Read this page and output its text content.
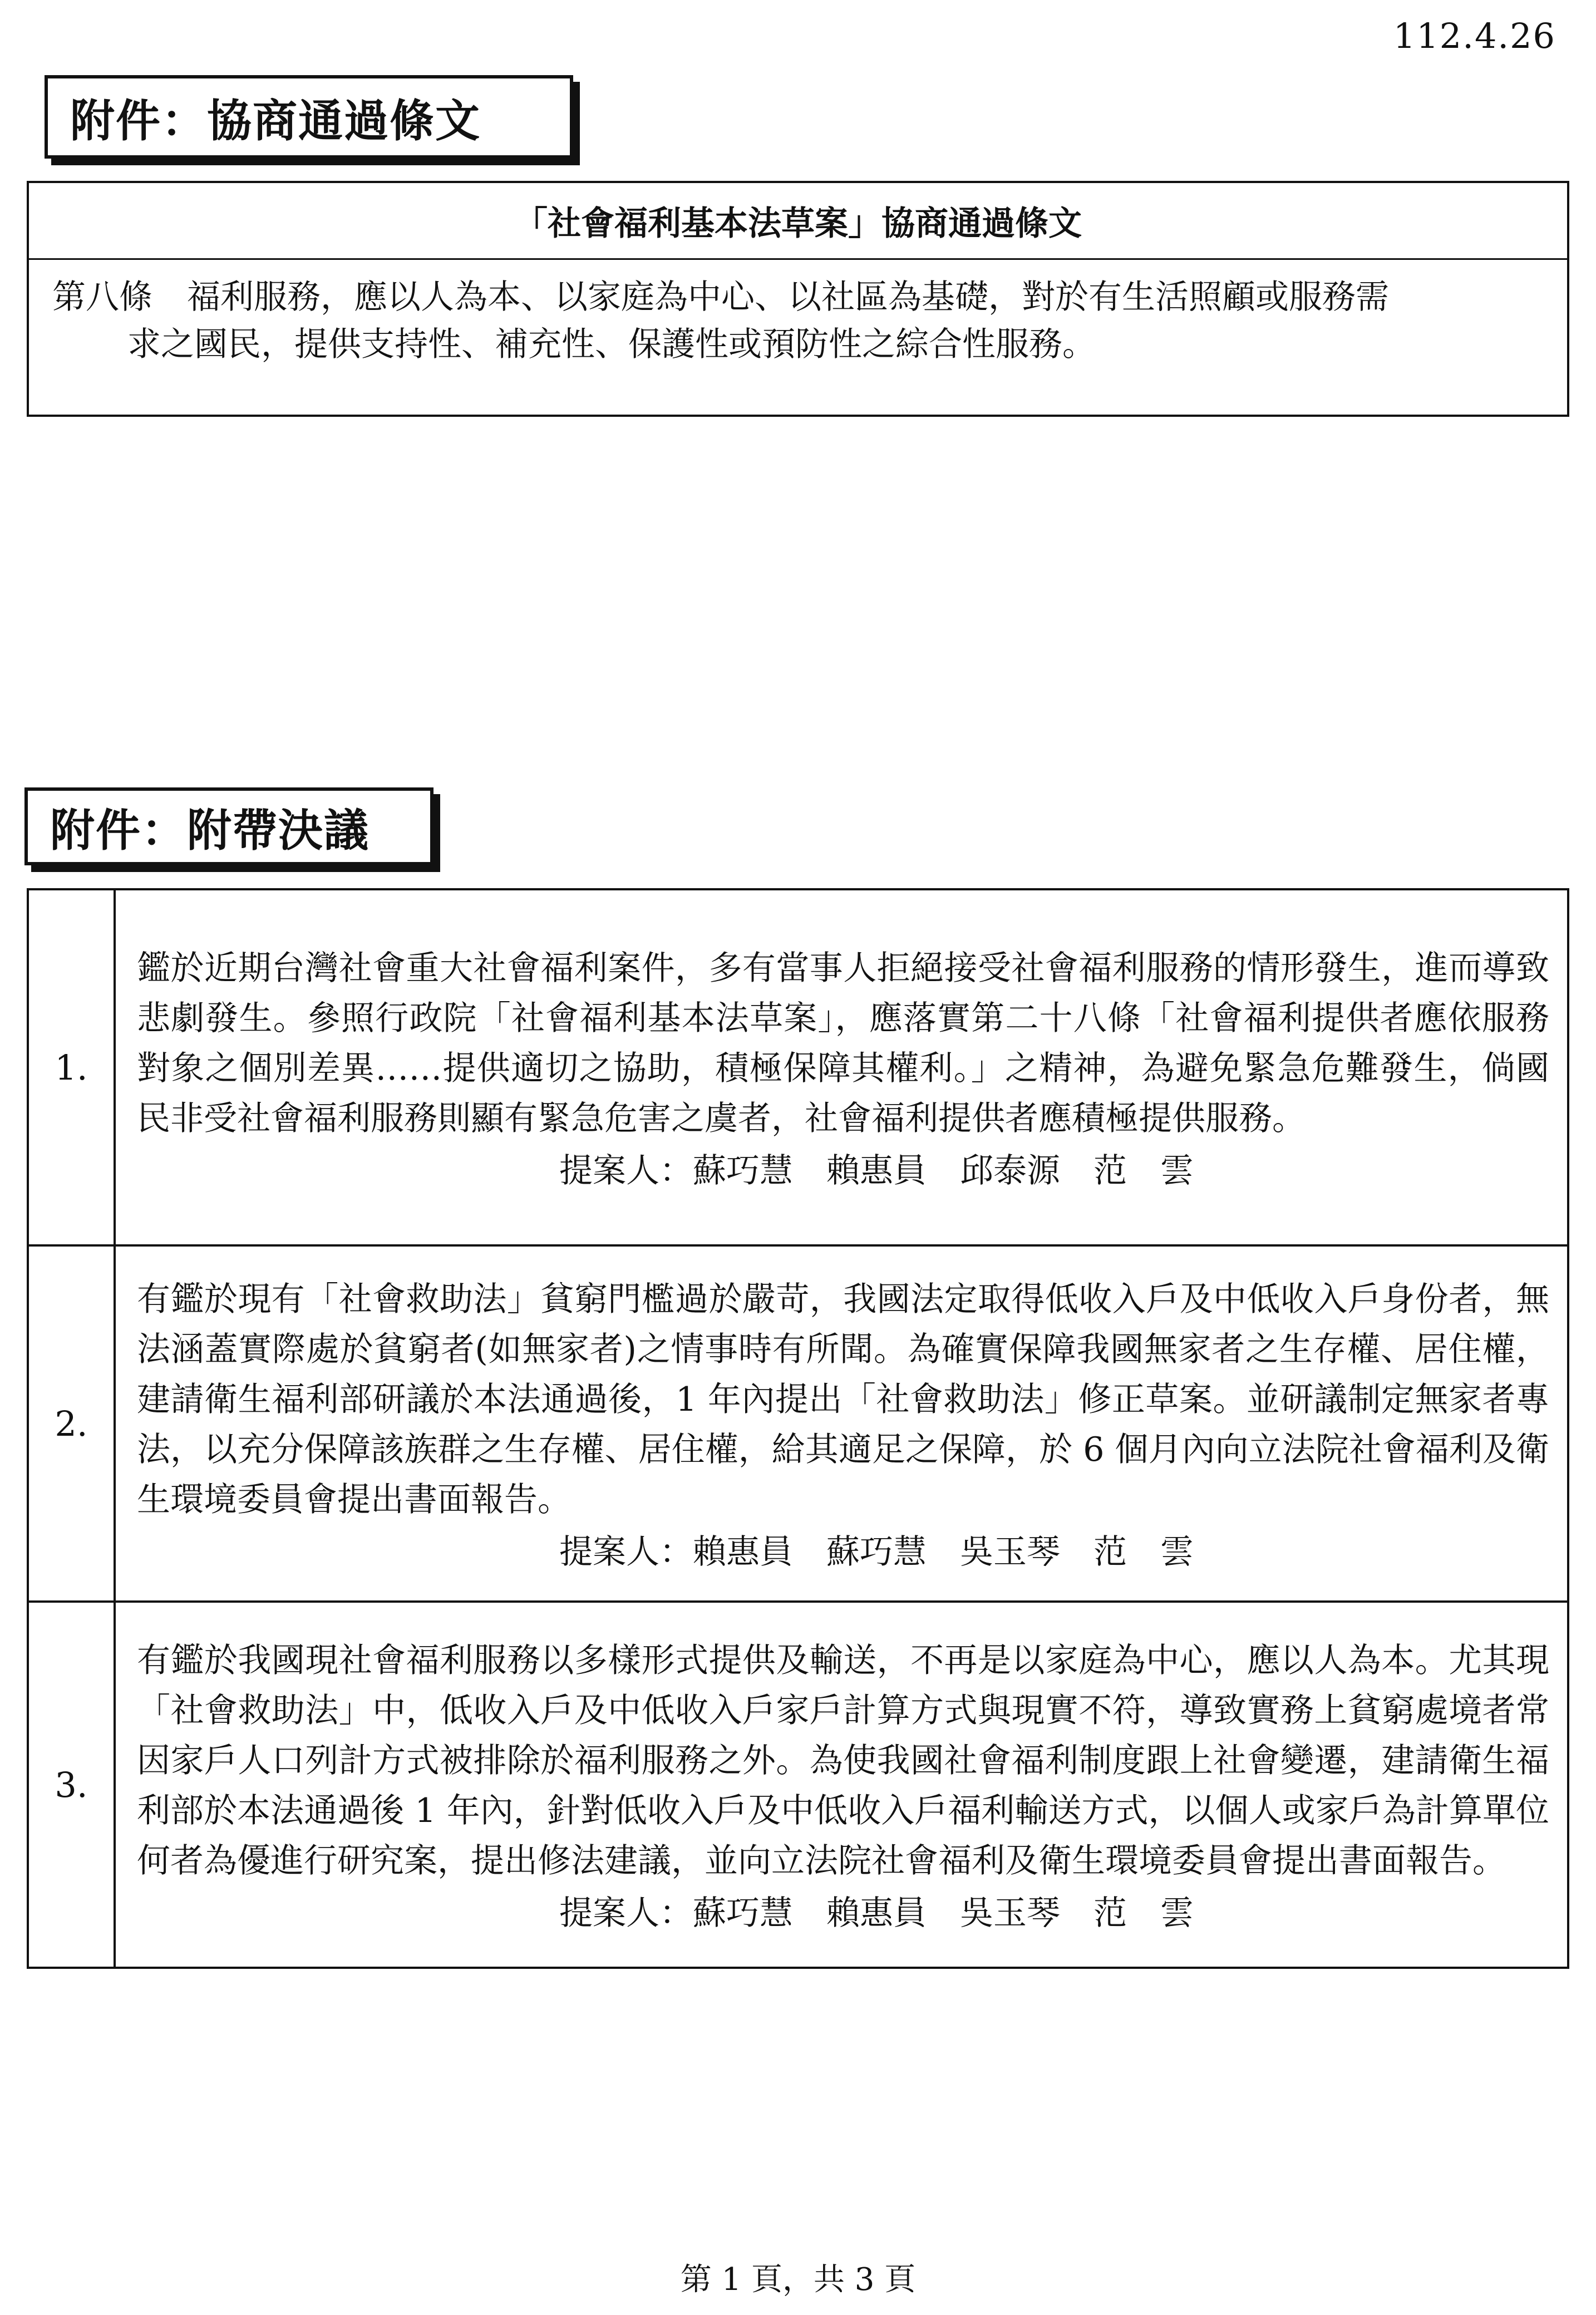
112.4.26
附件：協商通過條文
「社會福利基本法草案」協商通過條文
第八條 福利服務，應以人為本、以家庭為中心、以社區為基礎，對於有生活照顧或服務需
求之國民，提供支持性、補充性、保護性或預防性之綜合性服務。
附件：附帶決議
1.	鑑於近期台灣社會重大社會福利案件，多有當事人拒絕接受社會福利服務的情形發生，進而導致悲劇發生。參照行政院「社會福利基本法草案」，應落實第二十八條「社會福利提供者應依服務對象之個別差異……提供適切之協助，積極保障其權利。」之精神，為避免緊急危難發生，倘國民非受社會福利服務則顯有緊急危害之虞者，社會福利提供者應積極提供服務。
提案人：蘇巧慧　賴惠員　邱泰源　范　雲

2.	有鑑於現有「社會救助法」貧窮門檻過於嚴苛，我國法定取得低收入戶及中低收入戶身份者，無法涵蓋實際處於貧窮者(如無家者)之情事時有所聞。為確實保障我國無家者之生存權、居住權，建請衛生福利部研議於本法通過後，1 年內提出「社會救助法」修正草案。並研議制定無家者專法，以充分保障該族群之生存權、居住權，給其適足之保障，於 6 個月內向立法院社會福利及衛生環境委員會提出書面報告。
提案人：賴惠員　蘇巧慧　吳玉琴　范　雲

3.	有鑑於我國現社會福利服務以多樣形式提供及輸送，不再是以家庭為中心，應以人為本。尤其現「社會救助法」中，低收入戶及中低收入戶家戶計算方式與現實不符，導致實務上貧窮處境者常因家戶人口列計方式被排除於福利服務之外。為使我國社會福利制度跟上社會變遷，建請衛生福利部於本法通過後 1 年內，針對低收入戶及中低收入戶福利輸送方式，以個人或家戶為計算單位何者為優進行研究案，提出修法建議，並向立法院社會福利及衛生環境委員會提出書面報告。
提案人：蘇巧慧　賴惠員　吳玉琴　范　雲
第 1 頁，共 3 頁
